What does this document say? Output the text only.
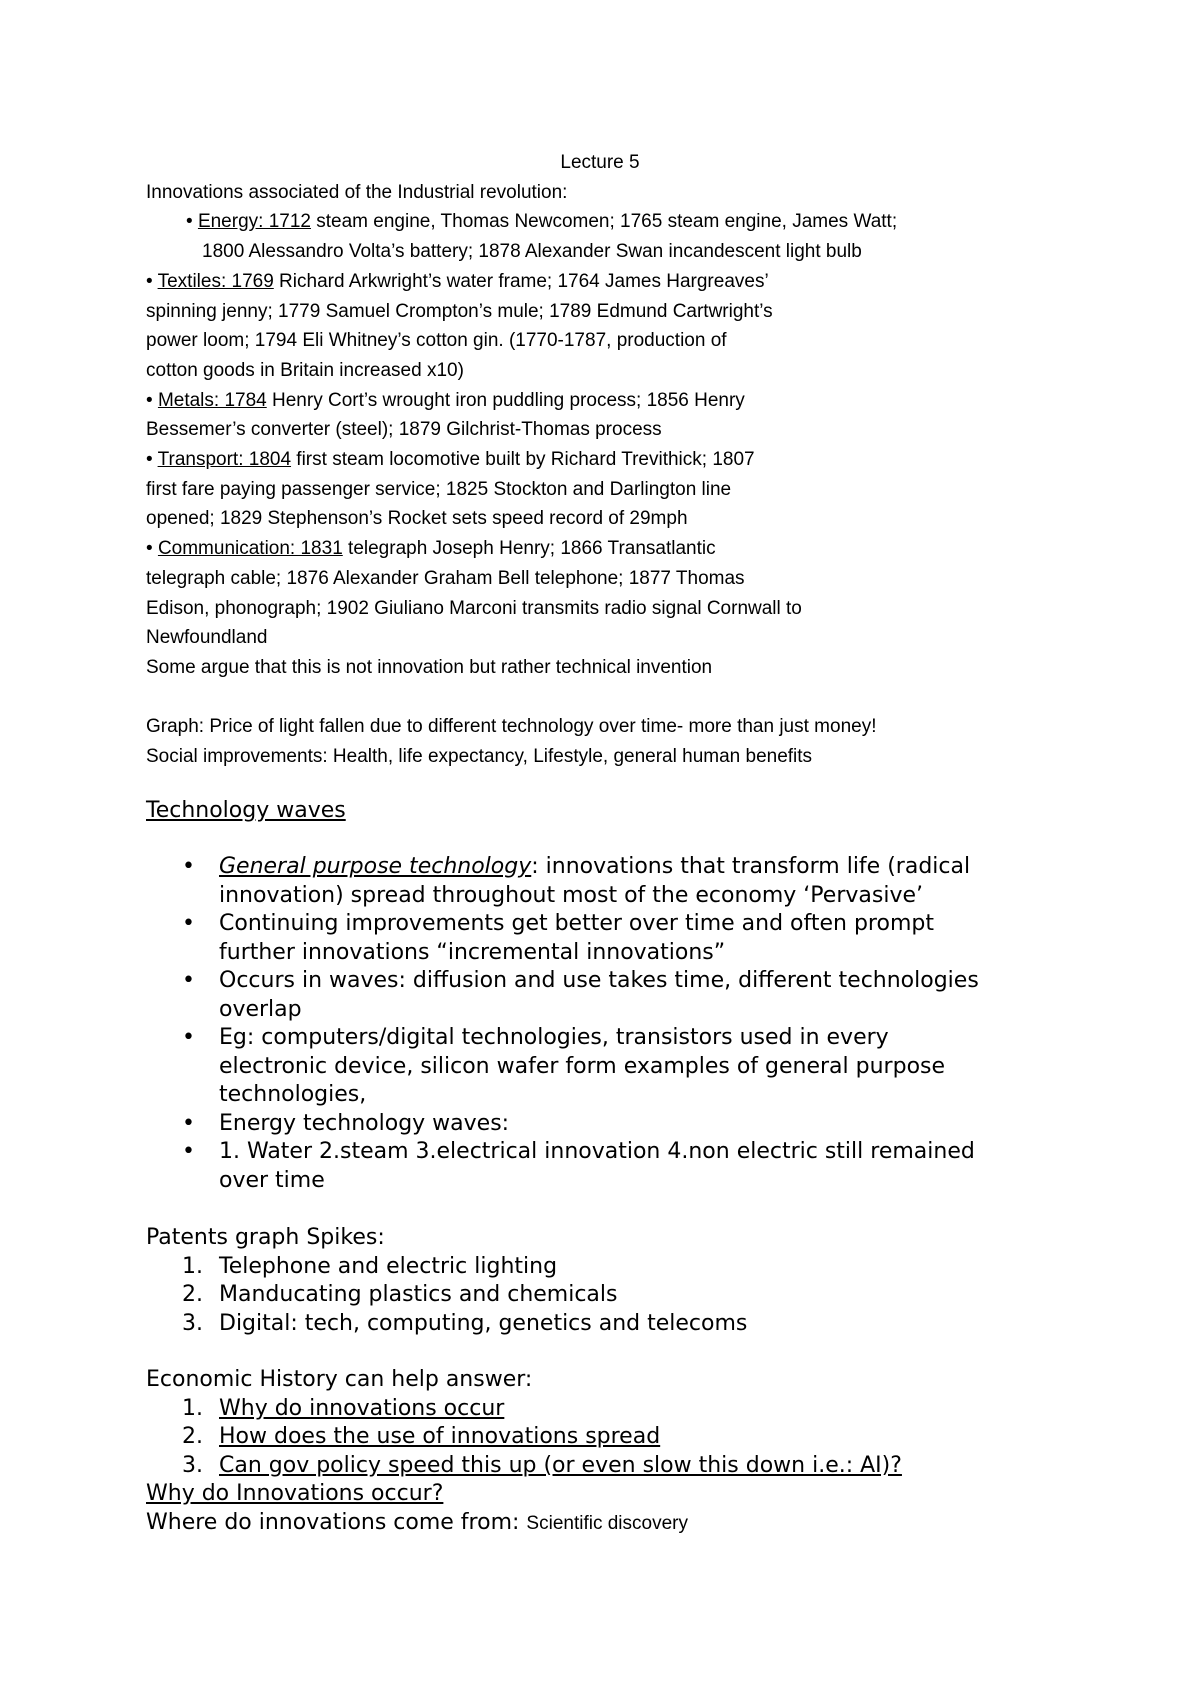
Lecture 5
Innovations associated of the Industrial revolution:
• Energy: 1712 steam engine, Thomas Newcomen; 1765 steam engine, James Watt;
1800 Alessandro Volta’s battery; 1878 Alexander Swan incandescent light bulb
• Textiles: 1769 Richard Arkwright’s water frame; 1764 James Hargreaves’
spinning jenny; 1779 Samuel Crompton’s mule; 1789 Edmund Cartwright’s
power loom; 1794 Eli Whitney’s cotton gin. (1770-1787, production of
cotton goods in Britain increased x10)
• Metals: 1784 Henry Cort’s wrought iron puddling process; 1856 Henry
Bessemer’s converter (steel); 1879 Gilchrist-Thomas process
• Transport: 1804 first steam locomotive built by Richard Trevithick; 1807
first fare paying passenger service; 1825 Stockton and Darlington line
opened; 1829 Stephenson’s Rocket sets speed record of 29mph
• Communication: 1831 telegraph Joseph Henry; 1866 Transatlantic
telegraph cable; 1876 Alexander Graham Bell telephone; 1877 Thomas
Edison, phonograph; 1902 Giuliano Marconi transmits radio signal Cornwall to
Newfoundland
Some argue that this is not innovation but rather technical invention

Graph: Price of light fallen due to different technology over time- more than just money!
Social improvements: Health, life expectancy, Lifestyle, general human benefits
Technology waves
• General purpose technology: innovations that transform life (radical
innovation) spread throughout most of the economy ‘Pervasive’
• Continuing improvements get better over time and often prompt
further innovations “incremental innovations”
• Occurs in waves: diffusion and use takes time, different technologies
overlap
• Eg: computers/digital technologies, transistors used in every
electronic device, silicon wafer form examples of general purpose
technologies,
• Energy technology waves:
• 1. Water 2.steam 3.electrical innovation 4.non electric still remained
over time
Patents graph Spikes:
1. Telephone and electric lighting
2. Manducating plastics and chemicals
3. Digital: tech, computing, genetics and telecoms
Economic History can help answer:
1. Why do innovations occur
2. How does the use of innovations spread
3. Can gov policy speed this up (or even slow this down i.e.: AI)?
Why do Innovations occur?
Where do innovations come from: Scientific discovery
